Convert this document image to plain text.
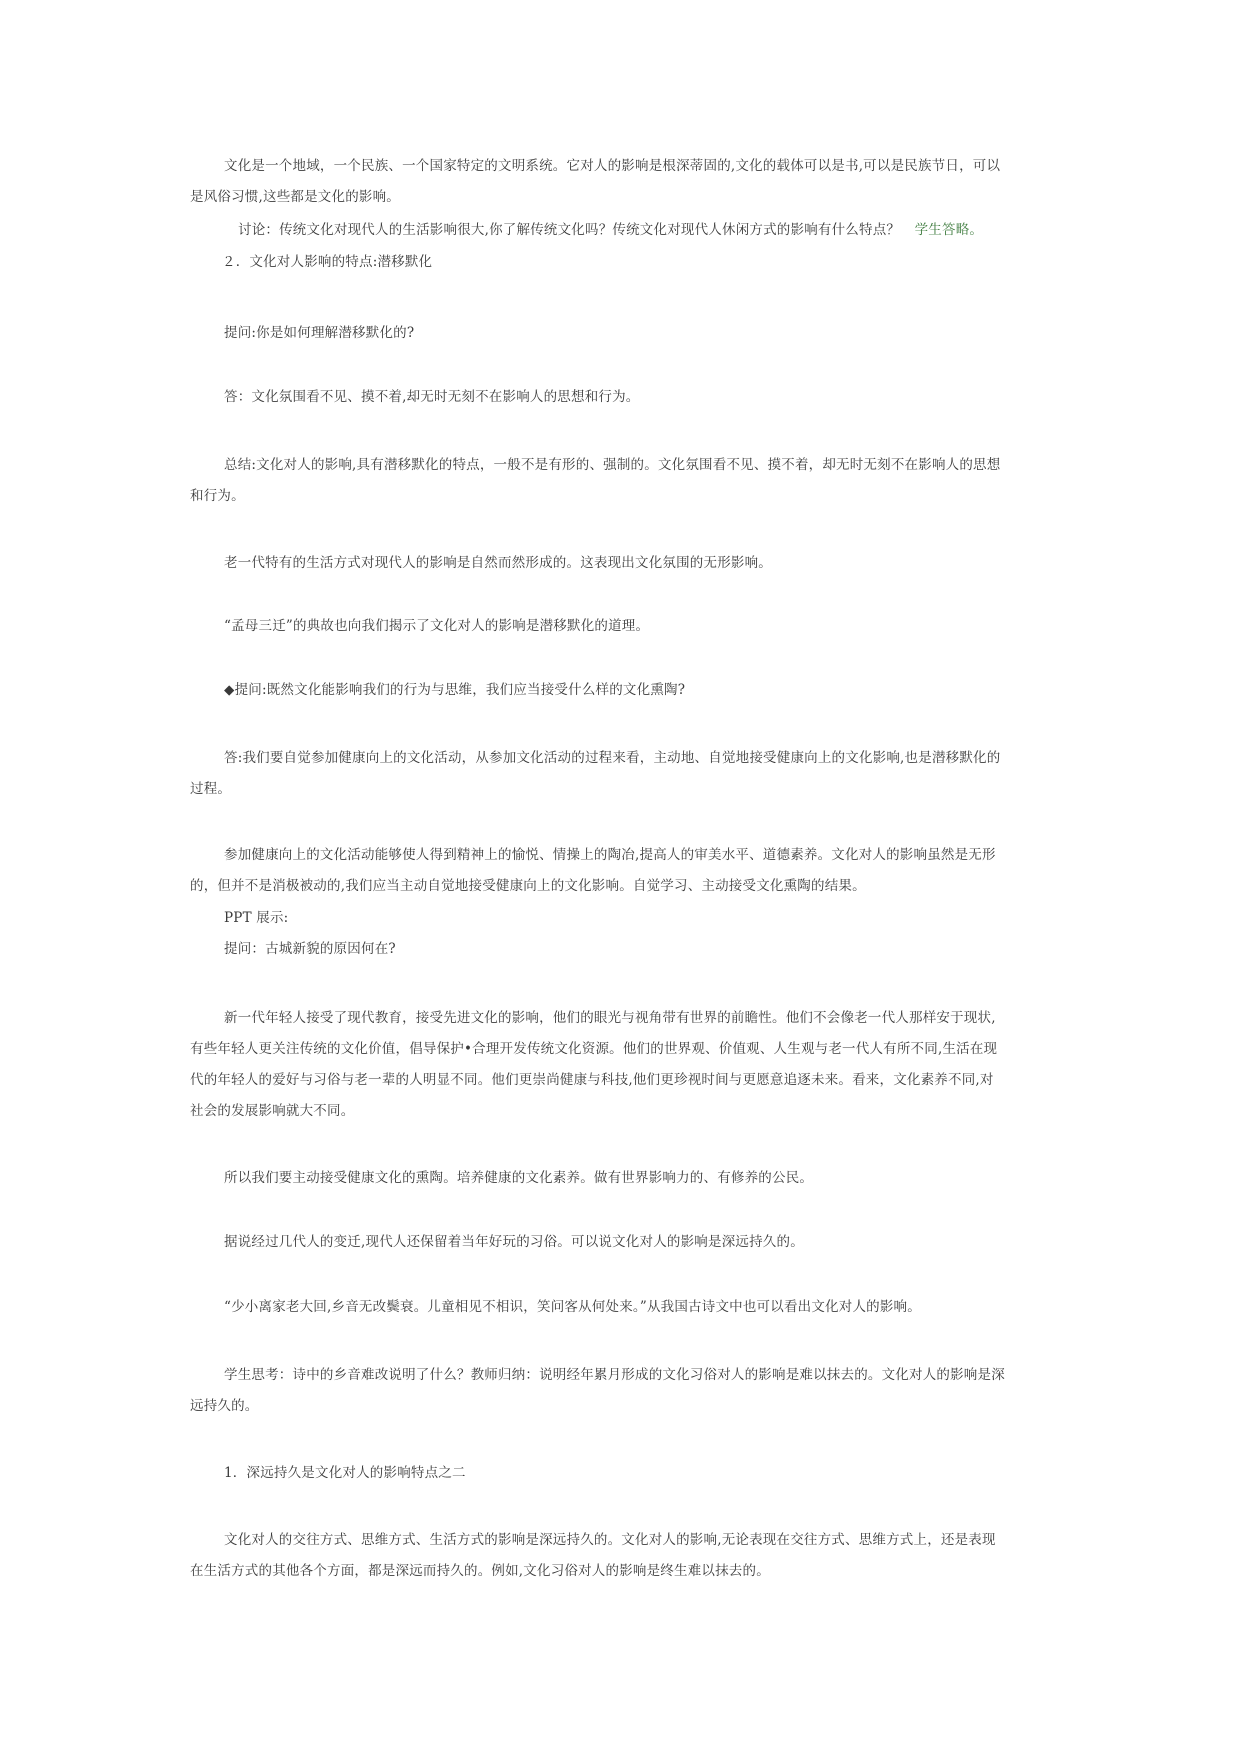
文化是一个地域，一个民族、一个国家特定的文明系统。它对人的影响是根深蒂固的,文化的载体可以是书,可以是民族节日，可以
是风俗习惯,这些都是文化的影响。
讨论：传统文化对现代人的生活影响很大,你了解传统文化吗？传统文化对现代人休闲方式的影响有什么特点？ 学生答略。
２．文化对人影响的特点:潜移默化
提问:你是如何理解潜移默化的?
答：文化氛围看不见、摸不着,却无时无刻不在影响人的思想和行为。
总结:文化对人的影响,具有潜移默化的特点，一般不是有形的、强制的。文化氛围看不见、摸不着，却无时无刻不在影响人的思想
和行为。
老一代特有的生活方式对现代人的影响是自然而然形成的。这表现出文化氛围的无形影响。
“孟母三迁”的典故也向我们揭示了文化对人的影响是潜移默化的道理。
◆提问:既然文化能影响我们的行为与思维，我们应当接受什么样的文化熏陶?
答:我们要自觉参加健康向上的文化活动，从参加文化活动的过程来看，主动地、自觉地接受健康向上的文化影响,也是潜移默化的
过程。
参加健康向上的文化活动能够使人得到精神上的愉悦、情操上的陶冶,提高人的审美水平、道德素养。文化对人的影响虽然是无形
的，但并不是消极被动的,我们应当主动自觉地接受健康向上的文化影响。自觉学习、主动接受文化熏陶的结果。
PPT 展示:
提问：古城新貌的原因何在?
新一代年轻人接受了现代教育，接受先进文化的影响，他们的眼光与视角带有世界的前瞻性。他们不会像老一代人那样安于现状,
有些年轻人更关注传统的文化价值，倡导保护•合理开发传统文化资源。他们的世界观、价值观、人生观与老一代人有所不同,生活在现
代的年轻人的爱好与习俗与老一辈的人明显不同。他们更崇尚健康与科技,他们更珍视时间与更愿意追逐未来。看来，文化素养不同,对
社会的发展影响就大不同。
所以我们要主动接受健康文化的熏陶。培养健康的文化素养。做有世界影响力的、有修养的公民。
据说经过几代人的变迁,现代人还保留着当年好玩的习俗。可以说文化对人的影响是深远持久的。
“少小离家老大回,乡音无改鬓衰。儿童相见不相识，笑问客从何处来。”从我国古诗文中也可以看出文化对人的影响。
学生思考：诗中的乡音难改说明了什么？教师归纳：说明经年累月形成的文化习俗对人的影响是难以抹去的。文化对人的影响是深
远持久的。
1．深远持久是文化对人的影响特点之二
文化对人的交往方式、思维方式、生活方式的影响是深远持久的。文化对人的影响,无论表现在交往方式、思维方式上，还是表现
在生活方式的其他各个方面，都是深远而持久的。例如,文化习俗对人的影响是终生难以抹去的。
